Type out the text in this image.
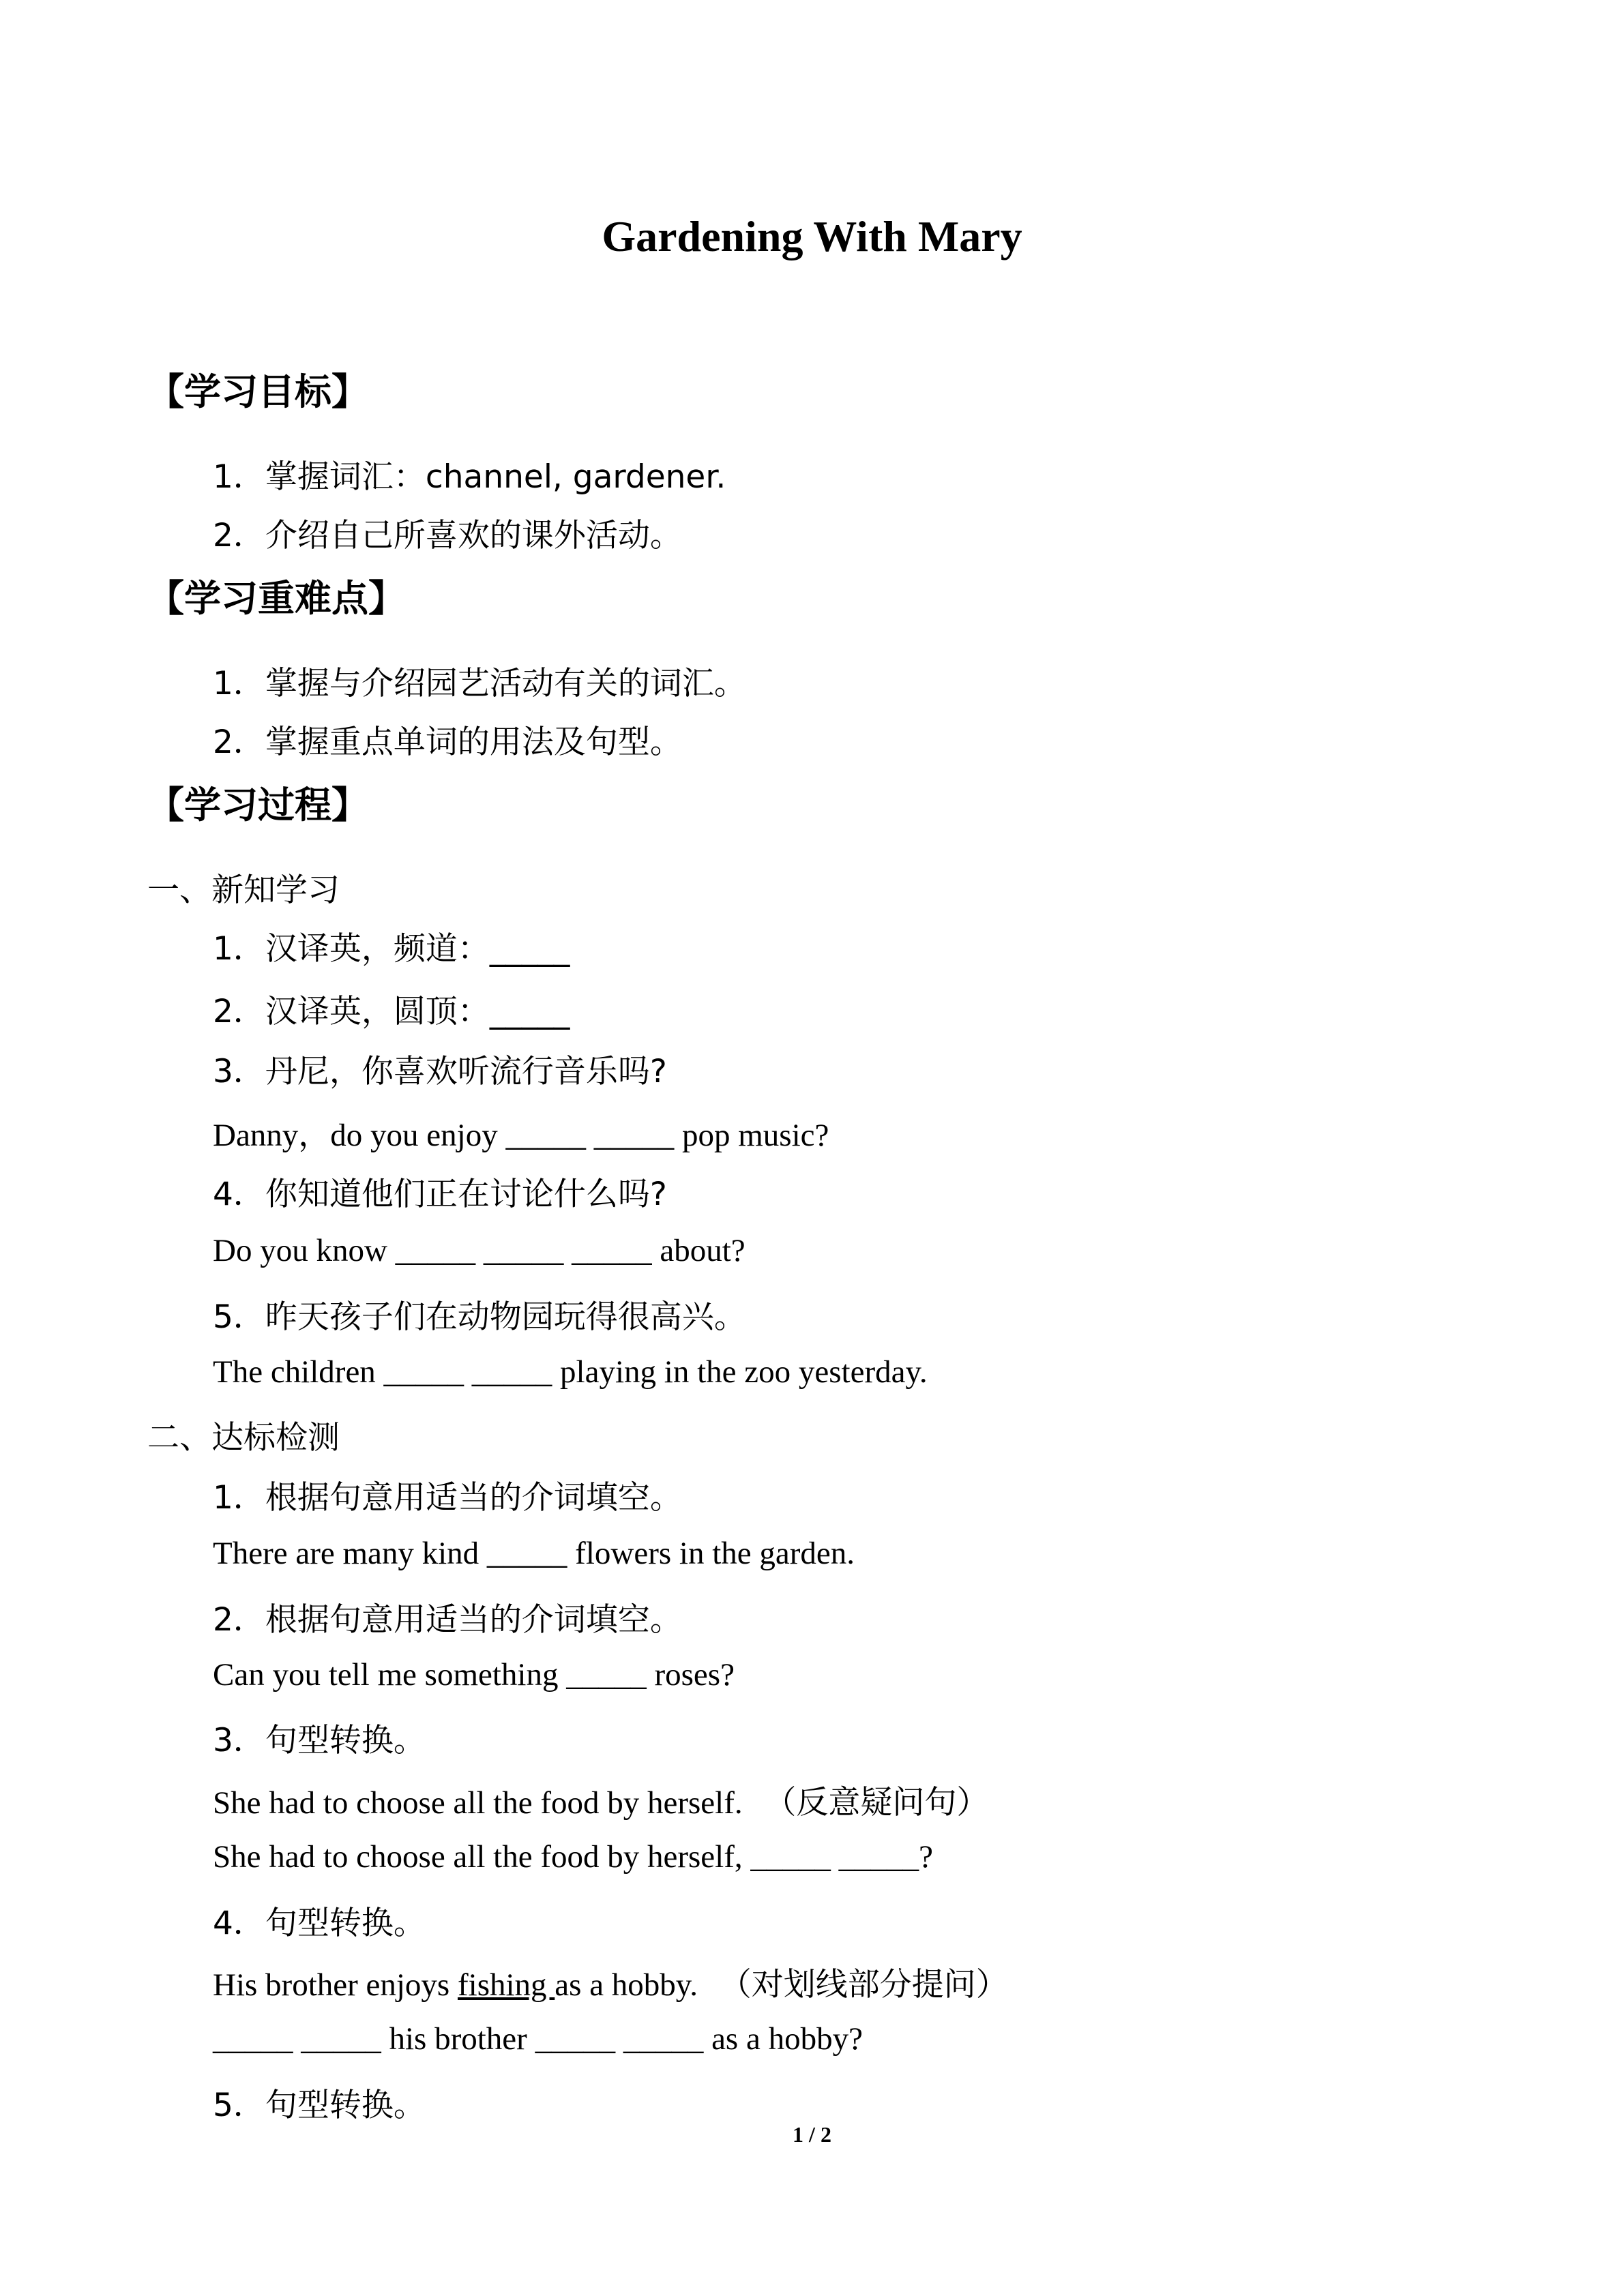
Gardening With Mary
【学习目标】
1．掌握词汇：channel, gardener.
2．介绍自己所喜欢的课外活动。
【学习重难点】
1．掌握与介绍园艺活动有关的词汇。
2．掌握重点单词的用法及句型。
【学习过程】
一、新知学习
1．汉译英，频道：_____
2．汉译英，圆顶：_____
3．丹尼，你喜欢听流行音乐吗?
Danny，do you enjoy _____ _____ pop music?
4．你知道他们正在讨论什么吗?
Do you know _____ _____ _____ about?
5．昨天孩子们在动物园玩得很高兴。
The children _____ _____ playing in the zoo yesterday.
二、达标检测
1．根据句意用适当的介词填空。
There are many kind _____ flowers in the garden.
2．根据句意用适当的介词填空。
Can you tell me something _____ roses?
3．句型转换。
She had to choose all the food by herself. （反意疑问句）
She had to choose all the food by herself, _____ _____?
4．句型转换。
His brother enjoys fishing as a hobby. （对划线部分提问）
_____ _____ his brother _____ _____ as a hobby?
5．句型转换。
1 / 2
